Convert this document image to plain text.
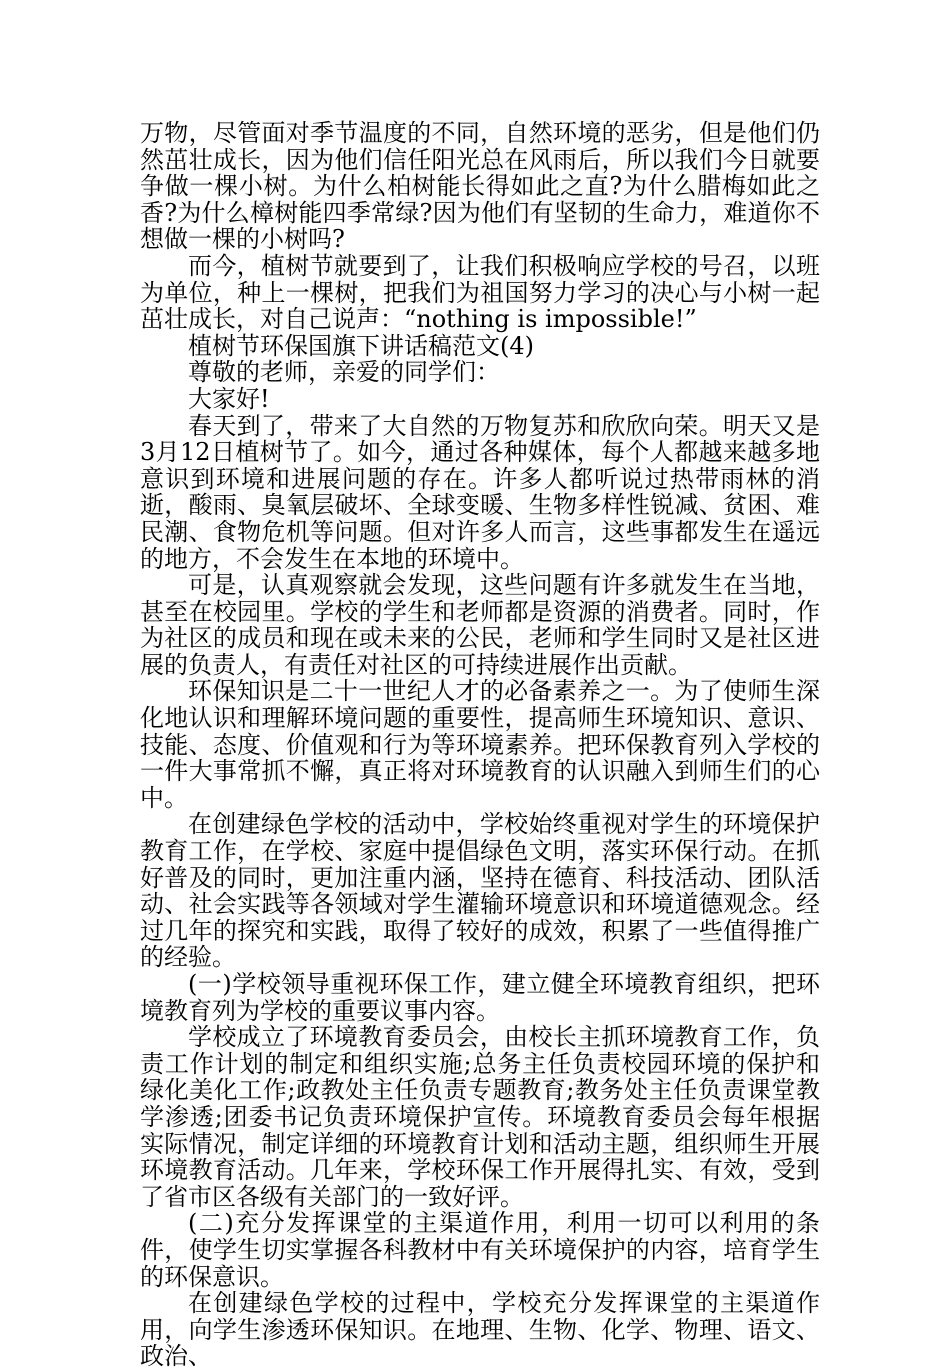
万物，尽管面对季节温度的不同，自然环境的恶劣，但是他们仍然茁壮成长，因为他们信任阳光总在风雨后，所以我们今日就要争做一棵小树。为什么柏树能长得如此之直?为什么腊梅如此之香?为什么樟树能四季常绿?因为他们有坚韧的生命力，难道你不想做一棵的小树吗?

而今，植树节就要到了，让我们积极响应学校的号召，以班为单位，种上一棵树，把我们为祖国努力学习的决心与小树一起茁壮成长，对自己说声：“nothing is impossible!”

植树节环保国旗下讲话稿范文(4)

尊敬的老师，亲爱的同学们：

大家好!

春天到了，带来了大自然的万物复苏和欣欣向荣。明天又是3月12日植树节了。如今，通过各种媒体，每个人都越来越多地意识到环境和进展问题的存在。许多人都听说过热带雨林的消逝，酸雨、臭氧层破坏、全球变暖、生物多样性锐减、贫困、难民潮、食物危机等问题。但对许多人而言，这些事都发生在遥远的地方，不会发生在本地的环境中。

可是，认真观察就会发现，这些问题有许多就发生在当地，甚至在校园里。学校的学生和老师都是资源的消费者。同时，作为社区的成员和现在或未来的公民，老师和学生同时又是社区进展的负责人，有责任对社区的可持续进展作出贡献。

环保知识是二十一世纪人才的必备素养之一。为了使师生深化地认识和理解环境问题的重要性，提高师生环境知识、意识、技能、态度、价值观和行为等环境素养。把环保教育列入学校的一件大事常抓不懈，真正将对环境教育的认识融入到师生们的心中。

在创建绿色学校的活动中，学校始终重视对学生的环境保护教育工作，在学校、家庭中提倡绿色文明，落实环保行动。在抓好普及的同时，更加注重内涵，坚持在德育、科技活动、团队活动、社会实践等各领域对学生灌输环境意识和环境道德观念。经过几年的探究和实践，取得了较好的成效，积累了一些值得推广的经验。

(一)学校领导重视环保工作，建立健全环境教育组织，把环境教育列为学校的重要议事内容。

学校成立了环境教育委员会，由校长主抓环境教育工作，负责工作计划的制定和组织实施;总务主任负责校园环境的保护和绿化美化工作;政教处主任负责专题教育;教务处主任负责课堂教学渗透;团委书记负责环境保护宣传。环境教育委员会每年根据实际情况，制定详细的环境教育计划和活动主题，组织师生开展环境教育活动。几年来，学校环保工作开展得扎实、有效，受到了省市区各级有关部门的一致好评。

(二)充分发挥课堂的主渠道作用，利用一切可以利用的条件，使学生切实掌握各科教材中有关环境保护的内容，培育学生的环保意识。

在创建绿色学校的过程中，学校充分发挥课堂的主渠道作用，向学生渗透环保知识。在地理、生物、化学、物理、语文、政治、
